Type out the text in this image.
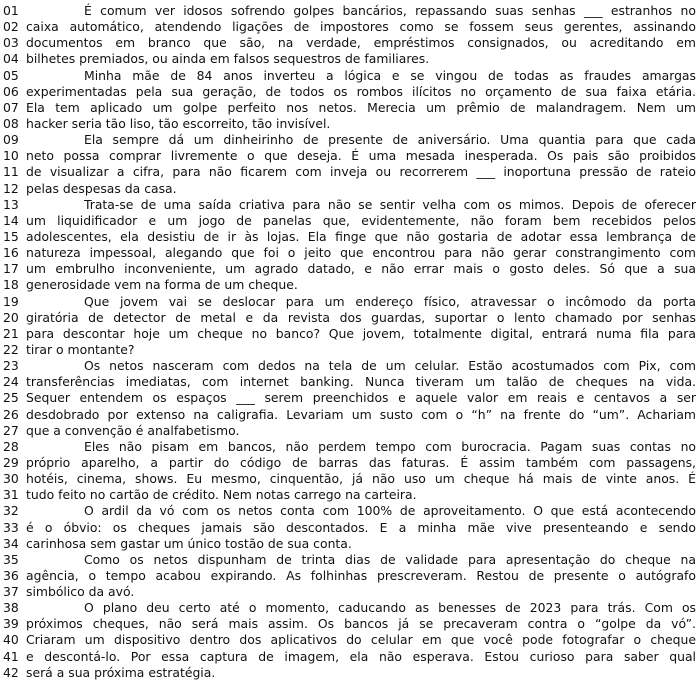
01	É comum ver idosos sofrendo golpes bancários, repassando suas senhas ___ estranhos no
02 caixa automático, atendendo ligações de impostores como se fossem seus gerentes, assinando
03 documentos em branco que são, na verdade, empréstimos consignados, ou acreditando em
04 bilhetes premiados, ou ainda em falsos sequestros de familiares.
05	Minha mãe de 84 anos inverteu a lógica e se vingou de todas as fraudes amargas
06 experimentadas pela sua geração, de todos os rombos ilícitos no orçamento de sua faixa etária.
07 Ela tem aplicado um golpe perfeito nos netos. Merecia um prêmio de malandragem. Nem um
08 hacker seria tão liso, tão escorreito, tão invisível.
09	Ela sempre dá um dinheirinho de presente de aniversário. Uma quantia para que cada
10 neto possa comprar livremente o que deseja. É uma mesada inesperada. Os pais são proibidos
11 de visualizar a cifra, para não ficarem com inveja ou recorrerem ___ inoportuna pressão de rateio
12 pelas despesas da casa.
13	Trata-se de uma saída criativa para não se sentir velha com os mimos. Depois de oferecer
14 um liquidificador e um jogo de panelas que, evidentemente, não foram bem recebidos pelos
15 adolescentes, ela desistiu de ir às lojas. Ela finge que não gostaria de adotar essa lembrança de
16 natureza impessoal, alegando que foi o jeito que encontrou para não gerar constrangimento com
17 um embrulho inconveniente, um agrado datado, e não errar mais o gosto deles. Só que a sua
18 generosidade vem na forma de um cheque.
19	Que jovem vai se deslocar para um endereço físico, atravessar o incômodo da porta
20 giratória de detector de metal e da revista dos guardas, suportar o lento chamado por senhas
21 para descontar hoje um cheque no banco? Que jovem, totalmente digital, entrará numa fila para
22 tirar o montante?
23	Os netos nasceram com dedos na tela de um celular. Estão acostumados com Pix, com
24 transferências imediatas, com internet banking. Nunca tiveram um talão de cheques na vida.
25 Sequer entendem os espaços ___ serem preenchidos e aquele valor em reais e centavos a ser
26 desdobrado por extenso na caligrafia. Levariam um susto com o “h” na frente do “um”. Achariam
27 que a convenção é analfabetismo.
28	Eles não pisam em bancos, não perdem tempo com burocracia. Pagam suas contas no
29 próprio aparelho, a partir do código de barras das faturas. É assim também com passagens,
30 hotéis, cinema, shows. Eu mesmo, cinquentão, já não uso um cheque há mais de vinte anos. É
31 tudo feito no cartão de crédito. Nem notas carrego na carteira.
32	O ardil da vó com os netos conta com 100% de aproveitamento. O que está acontecendo
33 é o óbvio: os cheques jamais são descontados. E a minha mãe vive presenteando e sendo
34 carinhosa sem gastar um único tostão de sua conta.
35	Como os netos dispunham de trinta dias de validade para apresentação do cheque na
36 agência, o tempo acabou expirando. As folhinhas prescreveram. Restou de presente o autógrafo
37 simbólico da avó.
38	O plano deu certo até o momento, caducando as benesses de 2023 para trás. Com os
39 próximos cheques, não será mais assim. Os bancos já se precaveram contra o “golpe da vó”.
40 Criaram um dispositivo dentro dos aplicativos do celular em que você pode fotografar o cheque
41 e descontá-lo. Por essa captura de imagem, ela não esperava. Estou curioso para saber qual
42 será a sua próxima estratégia.
